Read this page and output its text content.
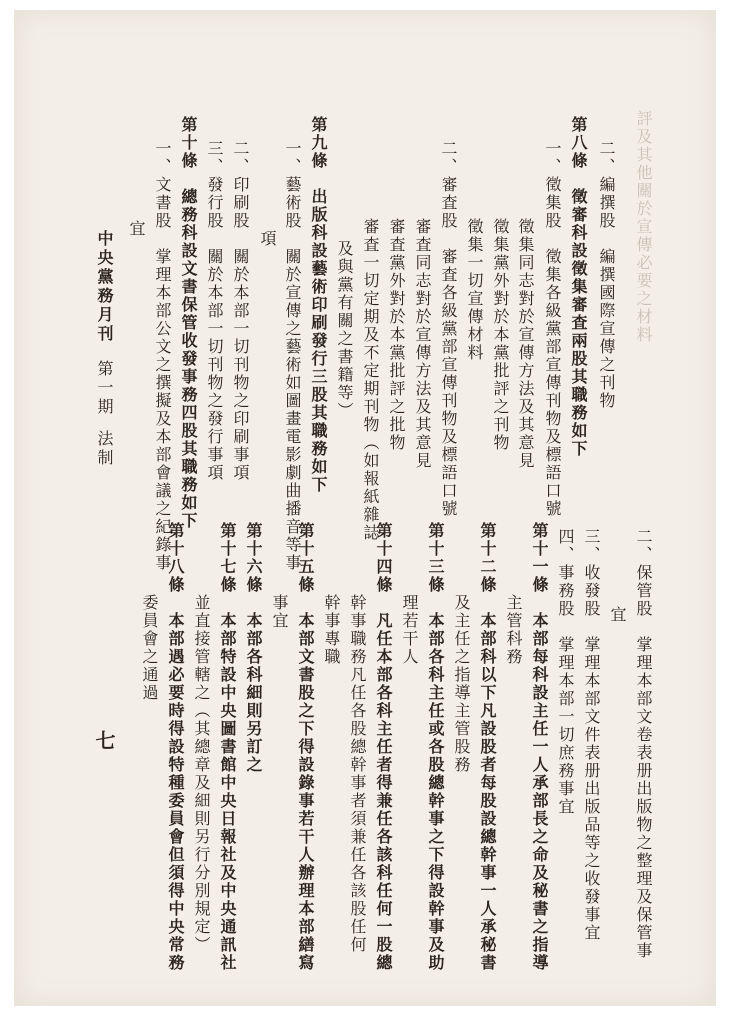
評及其他關於宣傳必要之材料
二、編撰股　編撰國際宣傳之刊物
第八條　徵審科設徵集審査兩股其職務如下
一、徵集股　徵集各級黨部宣傳刊物及標語口號
徵集同志對於宣傳方法及其意見
徵集黨外對於本黨批評之刊物
徵集一切宣傳材料
二、審査股　審査各級黨部宣傳刊物及標語口號
審査同志對於宣傳方法及其意見
審査黨外對於本黨批評之批物
審査一切定期及不定期刊物（如報紙雜誌
及與黨有關之書籍等）
第九條　出版科設藝術印刷發行三股其職務如下
一、藝術股　關於宣傳之藝術如圖畫電影劇曲播音等事
項
二、印刷股　關於本部一切刊物之印刷事項
三、發行股　關於本部一切刊物之發行事項
第十條　總務科設文書保管收發事務四股其職務如下
一、文書股　掌理本部公文之撰擬及本部會議之紀錄事
宜
二、保管股　掌理本部文卷表册出版物之整理及保管事
宜
三、收發股　掌理本部文件表册出版品等之收發事宜
四、事務股　掌理本部一切庶務事宜
第十一條　本部每科設主任一人承部長之命及秘書之指導
主管科務
第十二條　本部科以下凡設股者每股設總幹事一人承秘書
及主任之指導主管股務
第十三條　本部各科主任或各股總幹事之下得設幹事及助
理若干人
第十四條　凡任本部各科主任者得兼任各該科任何一股總
幹事職務凡任各股總幹事者須兼任各該股任何
幹事專職
第十五條　本部文書股之下得設錄事若干人辦理本部繕寫
事宜
第十六條　本部各科細則另訂之
第十七條　本部特設中央圖書館中央日報社及中央通訊社
並直接管轄之（其總章及細則另行分別規定）
第十八條　本部遇必要時得設特種委員會但須得中央常務
委員會之通過
中央黨務月刊
第一期
法制
七
